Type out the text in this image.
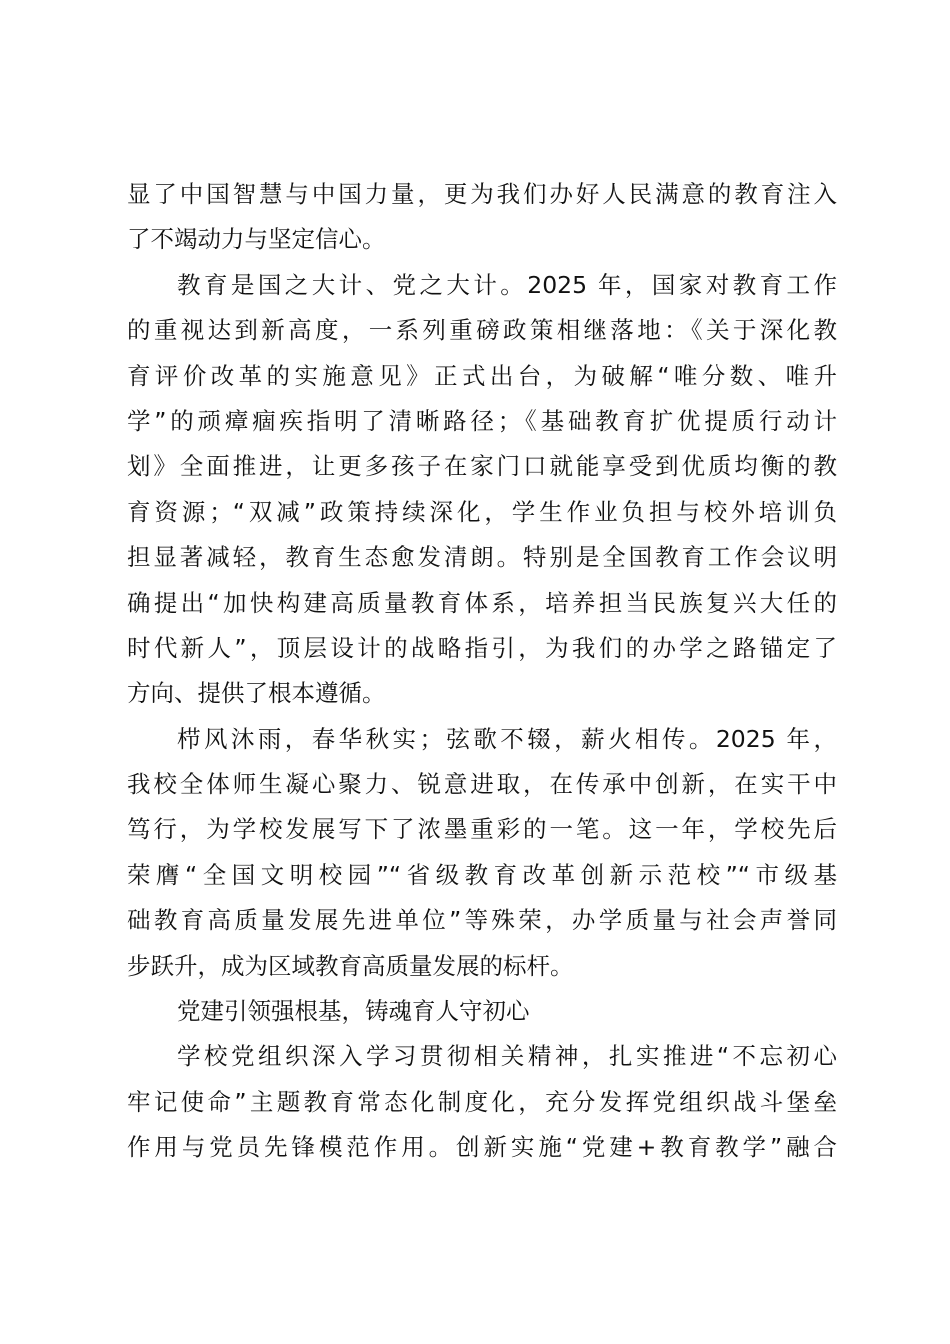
显了中国智慧与中国力量，更为我们办好人民满意的教育注入
了不竭动力与坚定信心。
教育是国之大计、党之大计。2025 年，国家对教育工作
的重视达到新高度，一系列重磅政策相继落地：《关于深化教
育评价改革的实施意见》正式出台，为破解“唯分数、唯升
学”的顽瘴痼疾指明了清晰路径；《基础教育扩优提质行动计
划》全面推进，让更多孩子在家门口就能享受到优质均衡的教
育资源；“双减”政策持续深化，学生作业负担与校外培训负
担显著减轻，教育生态愈发清朗。特别是全国教育工作会议明
确提出“加快构建高质量教育体系，培养担当民族复兴大任的
时代新人”，顶层设计的战略指引，为我们的办学之路锚定了
方向、提供了根本遵循。
栉风沐雨，春华秋实；弦歌不辍，薪火相传。2025 年，
我校全体师生凝心聚力、锐意进取，在传承中创新，在实干中
笃行，为学校发展写下了浓墨重彩的一笔。这一年，学校先后
荣膺“全国文明校园”“省级教育改革创新示范校”“市级基
础教育高质量发展先进单位”等殊荣，办学质量与社会声誉同
步跃升，成为区域教育高质量发展的标杆。
党建引领强根基，铸魂育人守初心
学校党组织深入学习贯彻相关精神，扎实推进“不忘初心
牢记使命”主题教育常态化制度化，充分发挥党组织战斗堡垒
作用与党员先锋模范作用。创新实施“党建+教育教学”融合
